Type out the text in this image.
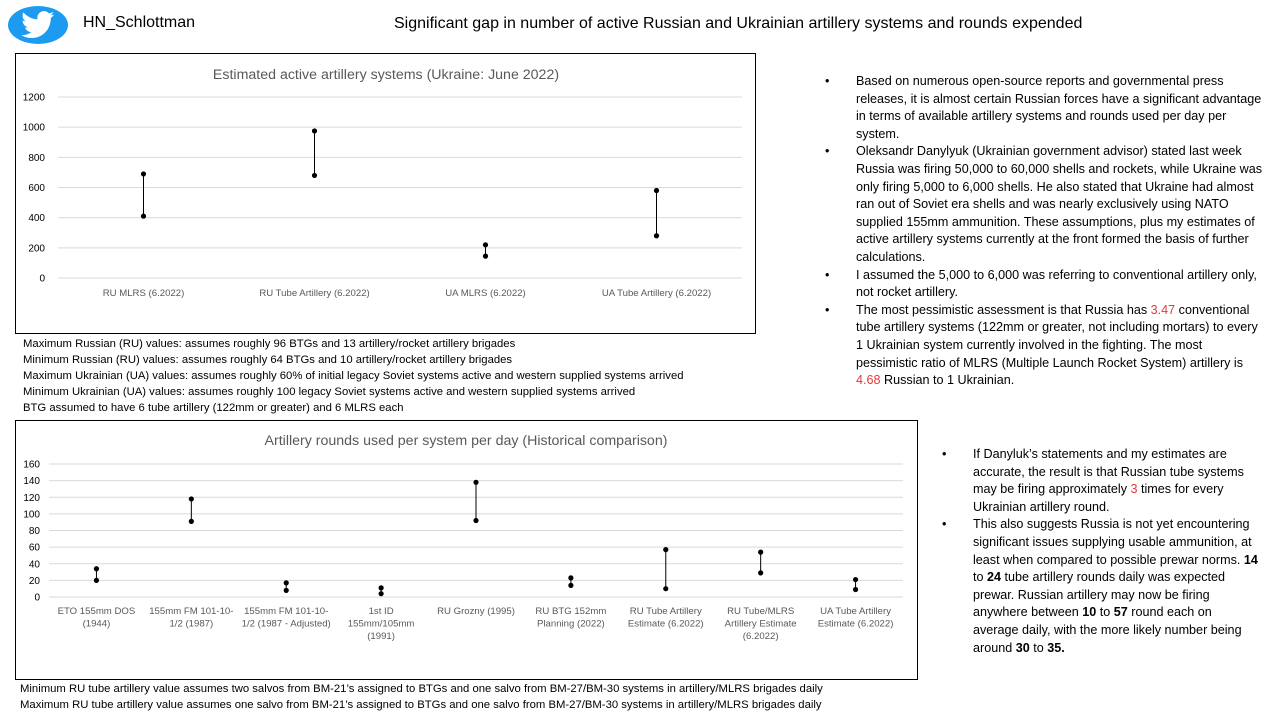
HN_Schlottman	Significant gap in number of active Russian and Ukrainian artillery systems and rounds expended
Estimated active artillery systems (Ukraine: June 2022)
0
200
400
600
800
1000
1200
RU MLRS (6.2022)	RU Tube Artillery (6.2022)	UA MLRS (6.2022)	UA Tube Artillery (6.2022)
Maximum Russian (RU) values: assumes roughly 96 BTGs and 13 artillery/rocket artillery brigades
Minimum Russian (RU) values: assumes roughly 64 BTGs and 10 artillery/rocket artillery brigades
Maximum Ukrainian (UA) values: assumes roughly 60% of initial legacy Soviet systems active and western supplied systems arrived
Minimum Ukrainian (UA) values: assumes roughly 100 legacy Soviet systems active and western supplied systems arrived
BTG assumed to have 6 tube artillery (122mm or greater) and 6 MLRS each
Artillery rounds used per system per day (Historical comparison)
0
20
40
60
80
100
120
140
160
ETO 155mm DOS
(1944)
155mm FM 101-10-
1/2 (1987)
155mm FM 101-10-
1/2 (1987 - Adjusted)
1st ID
155mm/105mm
(1991)
RU Grozny (1995) RU BTG 152mm
Planning (2022)
RU Tube Artillery
Estimate (6.2022)
RU Tube/MLRS
Artillery Estimate
(6.2022)
UA Tube Artillery
Estimate (6.2022)
Minimum RU tube artillery value assumes two salvos from BM-21’s assigned to BTGs and one salvo from BM-27/BM-30 systems in artillery/MLRS brigades daily
Maximum RU tube artillery value assumes one salvo from BM-21’s assigned to BTGs and one salvo from BM-27/BM-30 systems in artillery/MLRS brigades daily
• Based on numerous open-source reports and governmental press releases, it is almost certain Russian forces have a significant advantage in terms of available artillery systems and rounds used per day per system.
• Oleksandr Danylyuk (Ukrainian government advisor) stated last week Russia was firing 50,000 to 60,000 shells and rockets, while Ukraine was only firing 5,000 to 6,000 shells. He also stated that Ukraine had almost ran out of Soviet era shells and was nearly exclusively using NATO supplied 155mm ammunition. These assumptions, plus my estimates of active artillery systems currently at the front formed the basis of further calculations.
• I assumed the 5,000 to 6,000 was referring to conventional artillery only, not rocket artillery.
• The most pessimistic assessment is that Russia has 3.47 conventional tube artillery systems (122mm or greater, not including mortars) to every 1 Ukrainian system currently involved in the fighting. The most pessimistic ratio of MLRS (Multiple Launch Rocket System) artillery is 4.68 Russian to 1 Ukrainian.
• If Danyluk’s statements and my estimates are accurate, the result is that Russian tube systems may be firing approximately 3 times for every Ukrainian artillery round.
• This also suggests Russia is not yet encountering significant issues supplying usable ammunition, at least when compared to possible prewar norms. 14 to 24 tube artillery rounds daily was expected prewar. Russian artillery may now be firing anywhere between 10 to 57 round each on average daily, with the more likely number being around 30 to 35.
